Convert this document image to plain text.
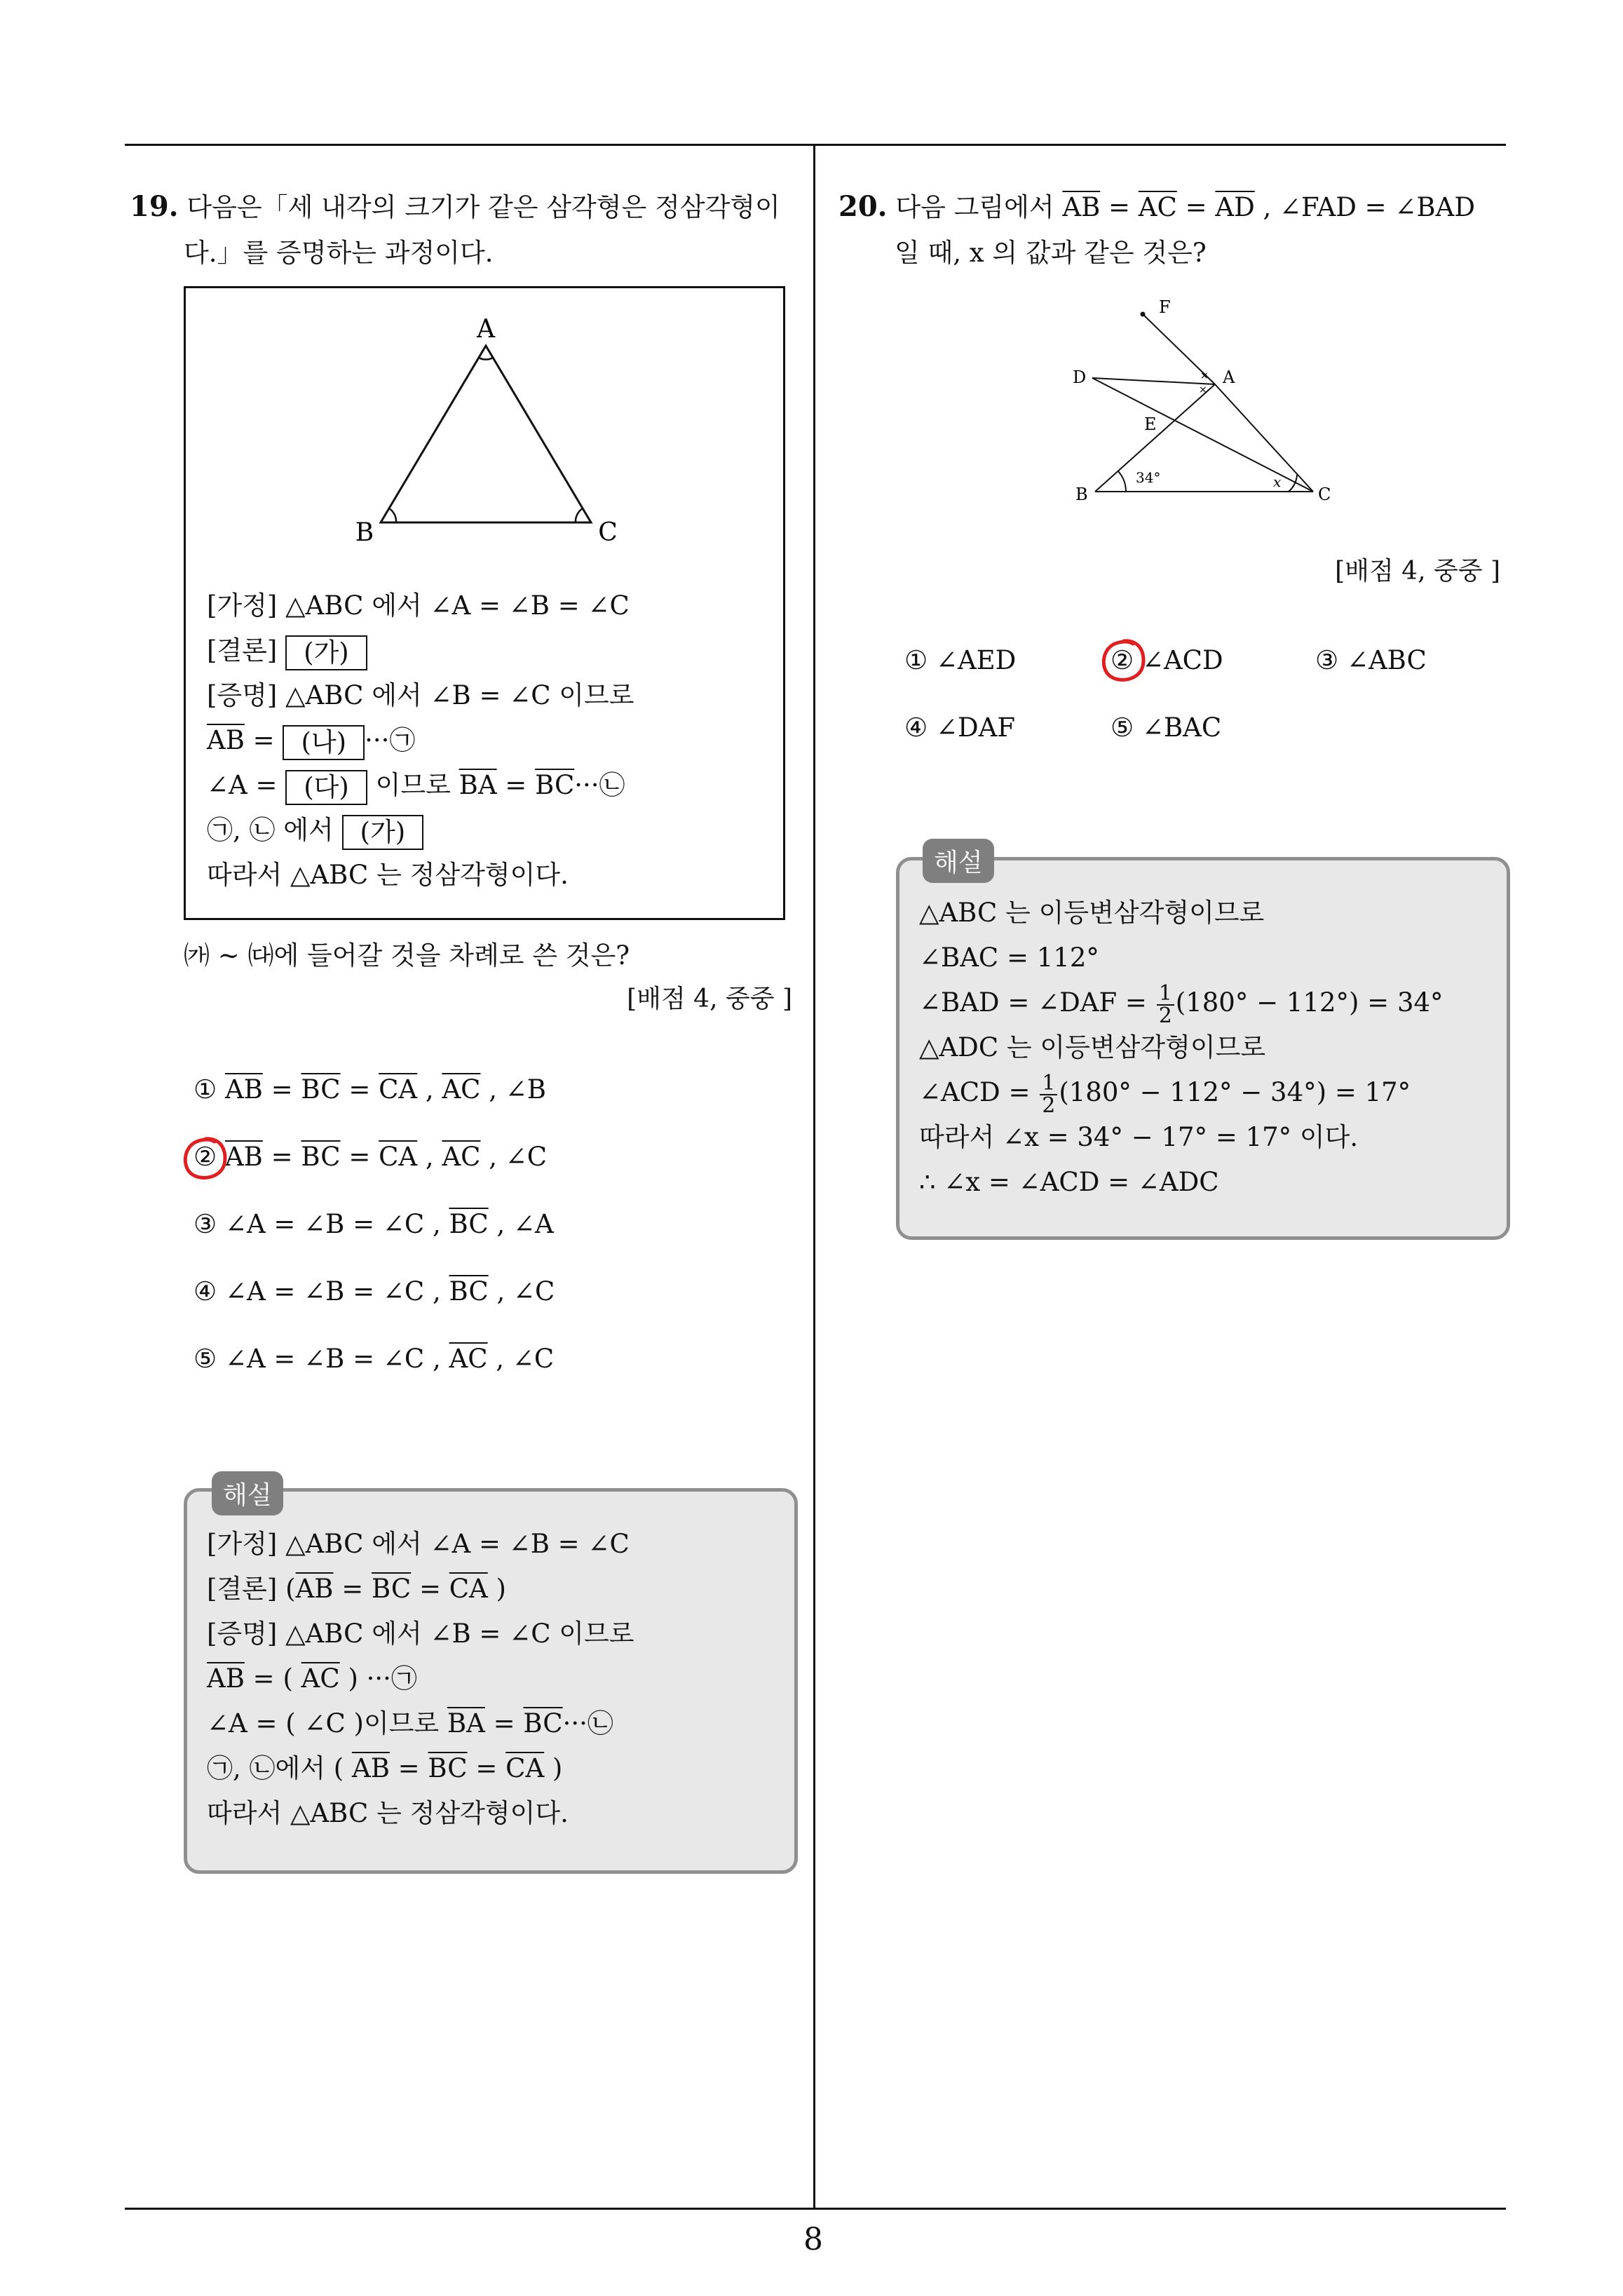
8
19. 다음은「세 내각의 크기가 같은 삼각형은 정삼각형이
다.」를 증명하는 과정이다.
A
B	C
[가정] △ABC 에서 ∠A = ∠B = ∠C
[결론] (가)
[증명] △ABC 에서 ∠B = ∠C 이므로
$\overline{AB}$ = (나) ···㉠
∠A = (다) 이므로 $\overline{BA}$ = $\overline{BC}\cdot\cdot\cdot㉡$
㉠, ㉡ 에서 (가)
따라서 △ABC 는 정삼각형이다.
㈎ ~ ㈐에 들어갈 것을 차례로 쓴 것은?
[배점 4, 중중 ]
① $\overline{AB} = \overline{BC} = \overline{CA}$ , $\overline{AC}$ , ∠B
② $\overline{AB} = \overline{BC} = \overline{CA}$ , $\overline{AC}$ , ∠C
③ ∠A = ∠B = ∠C , $\overline{BC}$ , ∠A
④ ∠A = ∠B = ∠C , $\overline{BC}$ , ∠C
⑤ ∠A = ∠B = ∠C , $\overline{AC}$ , ∠C
[가정] △ABC 에서 ∠A = ∠B = ∠C
[결론] ($\overline{AB} = \overline{BC} = \overline{CA}$ )
[증명] △ABC 에서 ∠B = ∠C 이므로
$\overline{AB}$ = ( $\overline{AC}$ ) ···㉠
∠A = ( ∠C )이므로 $\overline{BA}$ = $\overline{BC}\cdot\cdot\cdot㉡$
㉠, ㉡에서 ( $\overline{AB} = \overline{BC} = \overline{CA}$ )
따라서 △ABC 는 정삼각형이다.
해설
20. 다음 그림에서 $\overline{AB} = \overline{AC} = \overline{AD}$ , ∠FAD = ∠BAD
일 때, x 의 값과 같은 것은?
F
D	A
E
B	C
34°	x
×
×
[배점 4, 중중 ]
① ∠AED	② ∠ACD	③ ∠ABC
④ ∠DAF	⑤ ∠BAC
△ABC 는 이등변삼각형이므로
∠BAC = 112°
∠BAD = ∠DAF = $\frac{1}{2} (180^\circ - 112^\circ) = 34^\circ$
△ADC 는 이등변삼각형이므로
∠ACD = $\frac{1}{2} (180^\circ - 112^\circ - 34^\circ) = 17^\circ$
따라서 ∠x = 34° − 17° = 17° 이다.
∴ ∠x = ∠ACD = ∠ADC
해설
